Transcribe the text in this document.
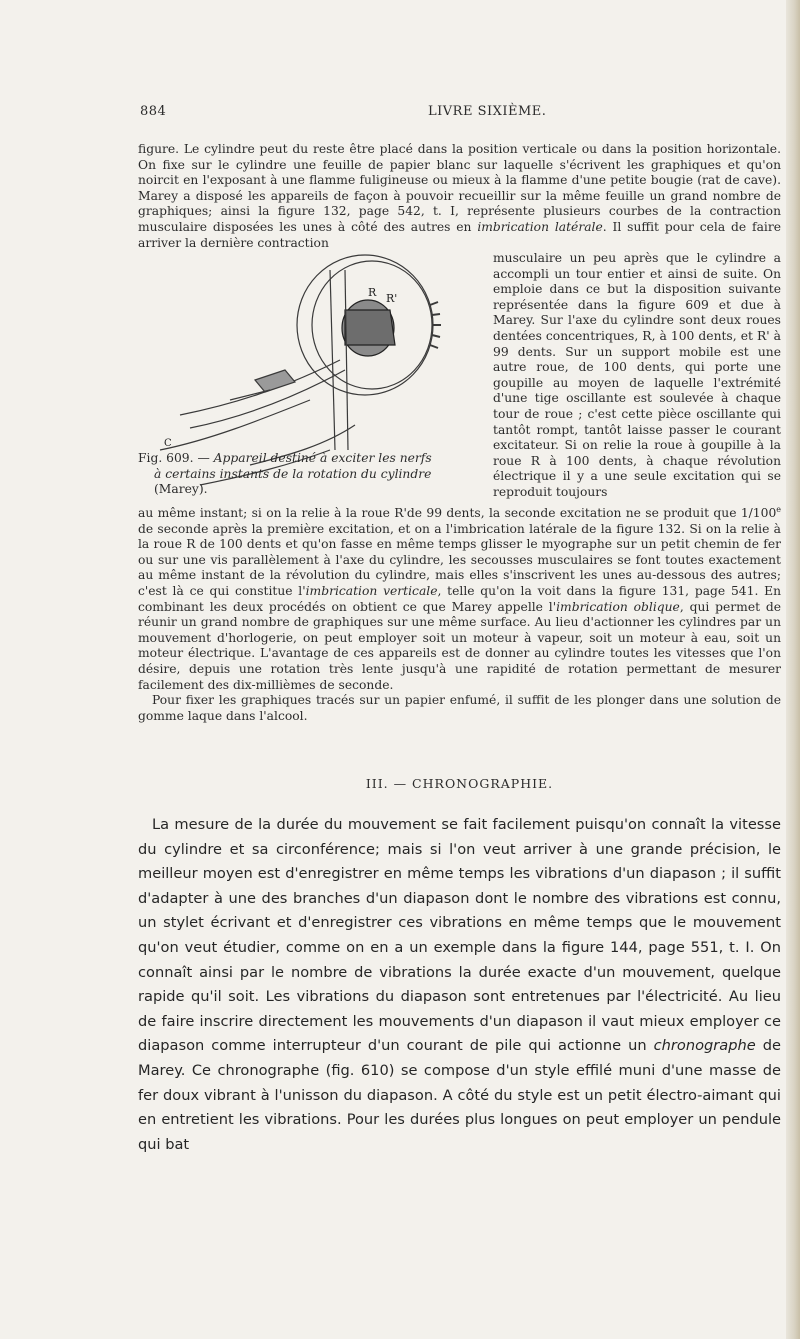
884	LIVRE SIXIÈME.

figure. Le cylindre peut du reste être placé dans la position verticale ou dans la position horizontale. On fixe sur le cylindre une feuille de papier blanc sur laquelle s'écrivent les graphiques et qu'on noircit en l'exposant à une flamme fuligineuse ou mieux à la flamme d'une petite bougie (rat de cave). Marey a disposé les appareils de façon à pouvoir recueillir sur la même feuille un grand nombre de graphiques; ainsi la figure 132, page 542, t. I, représente plusieurs courbes de la contraction musculaire disposées les unes à côté des autres en imbrication latérale. Il suffit pour cela de faire arriver la dernière contraction

R R'
C

musculaire un peu après que le cylindre a accompli un tour entier et ainsi de suite. On emploie dans ce but la disposition suivante représentée dans la figure 609 et due à Marey. Sur l'axe du cylindre sont deux roues dentées concentriques, R, à 100 dents, et R' à 99 dents. Sur un support mobile est une autre roue, de 100 dents, qui porte une goupille au moyen de laquelle l'extrémité d'une tige oscillante est soulevée à chaque tour de roue ; c'est cette pièce oscillante qui tantôt rompt, tantôt laisse passer le courant excitateur. Si on relie la roue à goupille à la roue R à 100 dents, à chaque révolution électrique il y a une seule excitation qui se reproduit toujours

Fig. 609. — Appareil destiné à exciter les nerfs
à certains instants de la rotation du cylindre
(Marey).

au même instant; si on la relie à la roue R'de 99 dents, la seconde excitation ne se produit que 1/100e de seconde après la première excitation, et on a l'imbrication latérale de la figure 132. Si on la relie à la roue R de 100 dents et qu'on fasse en même temps glisser le myographe sur un petit chemin de fer ou sur une vis parallèlement à l'axe du cylindre, les secousses musculaires se font toutes exactement au même instant de la révolution du cylindre, mais elles s'inscrivent les unes au-dessous des autres; c'est là ce qui constitue l'imbrication verticale, telle qu'on la voit dans la figure 131, page 541. En combinant les deux procédés on obtient ce que Marey appelle l'imbrication oblique, qui permet de réunir un grand nombre de graphiques sur une même surface. Au lieu d'actionner les cylindres par un mouvement d'horlogerie, on peut employer soit un moteur à vapeur, soit un moteur à eau, soit un moteur électrique. L'avantage de ces appareils est de donner au cylindre toutes les vitesses que l'on désire, depuis une rotation très lente jusqu'à une rapidité de rotation permettant de mesurer facilement des dix-millièmes de seconde.

Pour fixer les graphiques tracés sur un papier enfumé, il suffit de les plonger dans une solution de gomme laque dans l'alcool.

III. — CHRONOGRAPHIE.

La mesure de la durée du mouvement se fait facilement puisqu'on connaît la vitesse du cylindre et sa circonférence; mais si l'on veut arriver à une grande précision, le meilleur moyen est d'enregistrer en même temps les vibrations d'un diapason ; il suffit d'adapter à une des branches d'un diapason dont le nombre des vibrations est connu, un stylet écrivant et d'enregistrer ces vibrations en même temps que le mouvement qu'on veut étudier, comme on en a un exemple dans la figure 144, page 551, t. I. On connaît ainsi par le nombre de vibrations la durée exacte d'un mouvement, quelque rapide qu'il soit. Les vibrations du diapason sont entretenues par l'électricité. Au lieu de faire inscrire directement les mouvements d'un diapason il vaut mieux employer ce diapason comme interrupteur d'un courant de pile qui actionne un chronographe de Marey. Ce chronographe (fig. 610) se compose d'un style effilé muni d'une masse de fer doux vibrant à l'unisson du diapason. A côté du style est un petit électro-aimant qui en entretient les vibrations. Pour les durées plus longues on peut employer un pendule qui bat
